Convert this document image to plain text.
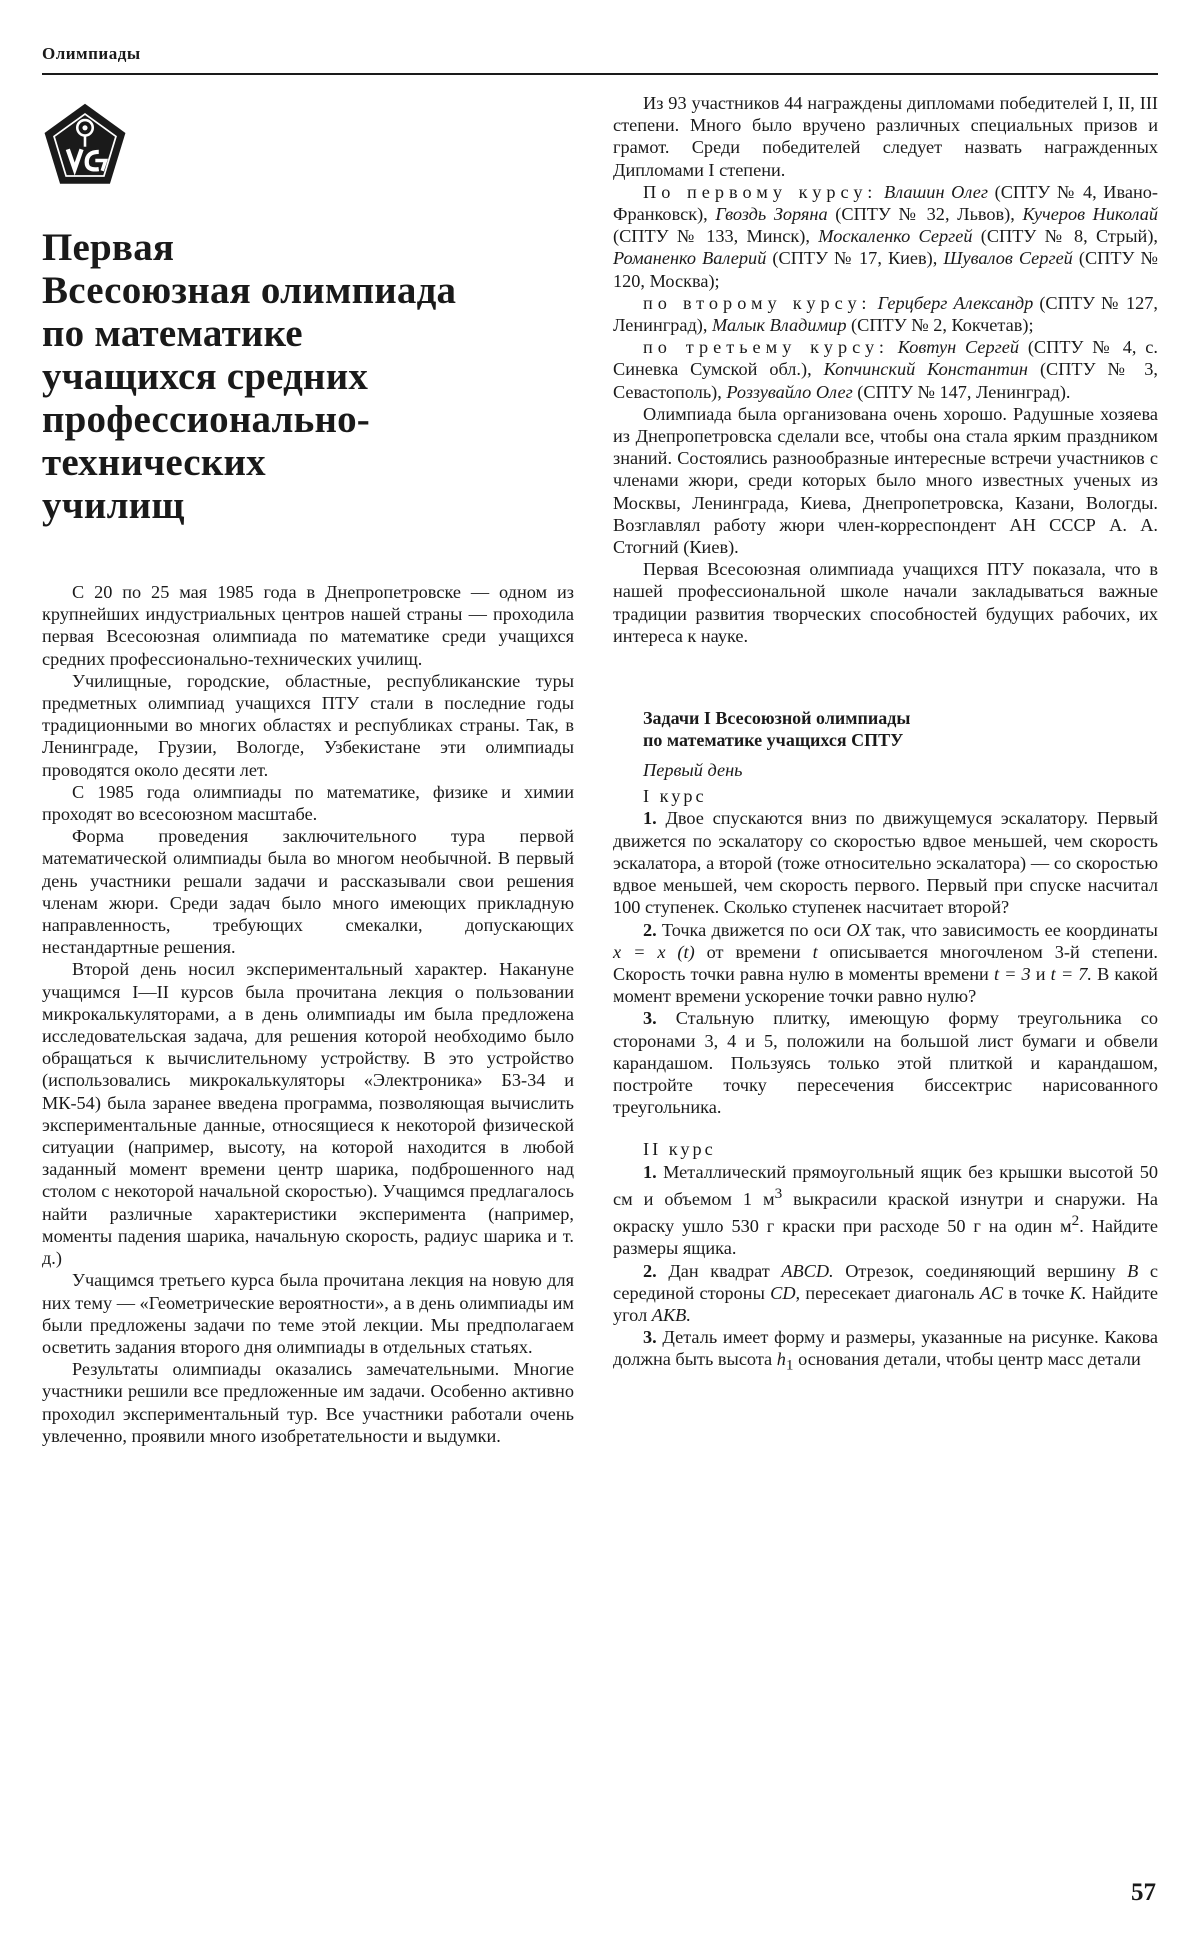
Олимпиады
Первая
Всесоюзная олимпиада
по математике
учащихся средних
профессионально-
технических
училищ

С 20 по 25 мая 1985 года в Днепропетровске — одном из крупнейших индустриальных центров нашей страны — проходила первая Всесоюзная олимпиада по математике среди учащихся средних профессионально-технических училищ.

Училищные, городские, областные, республиканские туры предметных олимпиад учащихся ПТУ стали в последние годы традиционными во многих областях и республиках страны. Так, в Ленинграде, Грузии, Вологде, Узбекистане эти олимпиады проводятся около десяти лет.

С 1985 года олимпиады по математике, физике и химии проходят во всесоюзном масштабе.

Форма проведения заключительного тура первой математической олимпиады была во многом необычной. В первый день участники решали задачи и рассказывали свои решения членам жюри. Среди задач было много имеющих прикладную направленность, требующих смекалки, допускающих нестандартные решения.

Второй день носил экспериментальный характер. Накануне учащимся I—II курсов была прочитана лекция о пользовании микрокалькуляторами, а в день олимпиады им была предложена исследовательская задача, для решения которой необходимо было обращаться к вычислительному устройству. В это устройство (использовались микрокалькуляторы «Электроника» Б3-34 и МК-54) была заранее введена программа, позволяющая вычислить экспериментальные данные, относящиеся к некоторой физической ситуации (например, высоту, на которой находится в любой заданный момент времени центр шарика, подброшенного над столом с некоторой начальной скоростью). Учащимся предлагалось найти различные характеристики эксперимента (например, моменты падения шарика, начальную скорость, радиус шарика и т. д.)

Учащимся третьего курса была прочитана лекция на новую для них тему — «Геометрические вероятности», а в день олимпиады им были предложены задачи по теме этой лекции. Мы предполагаем осветить задания второго дня олимпиады в отдельных статьях.

Результаты олимпиады оказались замечательными. Многие участники решили все предложенные им задачи. Особенно активно проходил экспериментальный тур. Все участники работали очень увлеченно, проявили много изобретательности и выдумки.

Из 93 участников 44 награждены дипломами победителей I, II, III степени. Много было вручено различных специальных призов и грамот. Среди победителей следует назвать награжденных Дипломами I степени.

По первому курсу: Влашин Олег (СПТУ № 4, Ивано-Франковск), Гвоздь Зоряна (СПТУ № 32, Львов), Кучеров Николай (СПТУ № 133, Минск), Москаленко Сергей (СПТУ № 8, Стрый), Романенко Валерий (СПТУ № 17, Киев), Шувалов Сергей (СПТУ № 120, Москва);

по второму курсу: Герцберг Александр (СПТУ № 127, Ленинград), Малык Владимир (СПТУ № 2, Кокчетав);

по третьему курсу: Ковтун Сергей (СПТУ № 4, с. Синевка Сумской обл.), Копчинский Константин (СПТУ № 3, Севастополь), Роззувайло Олег (СПТУ № 147, Ленинград).

Олимпиада была организована очень хорошо. Радушные хозяева из Днепропетровска сделали все, чтобы она стала ярким праздником знаний. Состоялись разнообразные интересные встречи участников с членами жюри, среди которых было много известных ученых из Москвы, Ленинграда, Киева, Днепропетровска, Казани, Вологды. Возглавлял работу жюри член-корреспондент АН СССР А. А. Стогний (Киев).

Первая Всесоюзная олимпиада учащихся ПТУ показала, что в нашей профессиональной школе начали закладываться важные традиции развития творческих способностей будущих рабочих, их интереса к науке.

Задачи I Всесоюзной олимпиады
по математике учащихся СПТУ
Первый день
I курс

1. Двое спускаются вниз по движущемуся эскалатору. Первый движется по эскалатору со скоростью вдвое меньшей, чем скорость эскалатора, а второй (тоже относительно эскалатора) — со скоростью вдвое меньшей, чем скорость первого. Первый при спуске насчитал 100 ступенек. Сколько ступенек насчитает второй?

2. Точка движется по оси OX так, что зависимость ее координаты x = x (t) от времени t описывается многочленом 3-й степени. Скорость точки равна нулю в моменты времени t = 3 и t = 7. В какой момент времени ускорение точки равно нулю?

3. Стальную плитку, имеющую форму треугольника со сторонами 3, 4 и 5, положили на большой лист бумаги и обвели карандашом. Пользуясь только этой плиткой и карандашом, постройте точку пересечения биссектрис нарисованного треугольника.

II курс

1. Металлический прямоугольный ящик без крышки высотой 50 см и объемом 1 $м^3$ выкрасили краской изнутри и снаружи. На окраску ушло 530 г краски при расходе 50 г на один $м^2$. Найдите размеры ящика.

2. Дан квадрат ABCD. Отрезок, соединяющий вершину B с серединой стороны CD, пересекает диагональ AC в точке K. Найдите угол AKB.

3. Деталь имеет форму и размеры, указанные на рисунке. Какова должна быть высота $h_1$ основания детали, чтобы центр масс детали

57
